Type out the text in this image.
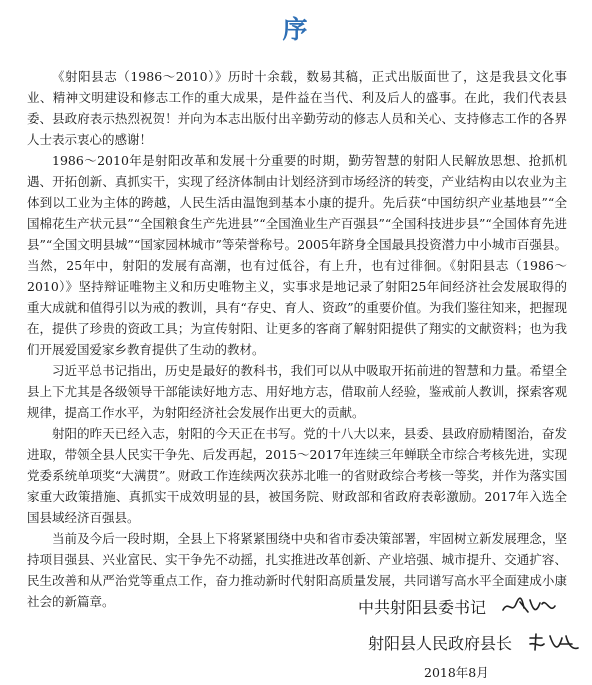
序

《射阳县志（1986～2010）》历时十余载，数易其稿，正式出版面世了，这是我县文化事业、精神文明建设和修志工作的重大成果，是件益在当代、利及后人的盛事。在此，我们代表县委、县政府表示热烈祝贺！并向为本志出版付出辛勤劳动的修志人员和关心、支持修志工作的各界人士表示衷心的感谢！

1986～2010年是射阳改革和发展十分重要的时期，勤劳智慧的射阳人民解放思想、抢抓机遇、开拓创新、真抓实干，实现了经济体制由计划经济到市场经济的转变，产业结构由以农业为主体到以工业为主体的跨越，人民生活由温饱到基本小康的提升。先后获“中国纺织产业基地县”“全国棉花生产状元县”“全国粮食生产先进县”“全国渔业生产百强县”“全国科技进步县”“全国体育先进县”“全国文明县城”“国家园林城市”等荣誉称号。2005年跻身全国最具投资潜力中小城市百强县。当然，25年中，射阳的发展有高潮，也有过低谷，有上升，也有过徘徊。《射阳县志（1986～2010）》坚持辩证唯物主义和历史唯物主义，实事求是地记录了射阳25年间经济社会发展取得的重大成就和值得引以为戒的教训，具有“存史、育人、资政”的重要价值。为我们鉴往知来，把握现在，提供了珍贵的资政工具；为宣传射阳、让更多的客商了解射阳提供了翔实的文献资料；也为我们开展爱国爱家乡教育提供了生动的教材。

习近平总书记指出，历史是最好的教科书，我们可以从中吸取开拓前进的智慧和力量。希望全县上下尤其是各级领导干部能读好地方志、用好地方志，借取前人经验，鉴戒前人教训，探索客观规律，提高工作水平，为射阳经济社会发展作出更大的贡献。

射阳的昨天已经入志，射阳的今天正在书写。党的十八大以来，县委、县政府励精图治，奋发进取，带领全县人民实干争先、后发再起，2015～2017年连续三年蝉联全市综合考核先进，实现党委系统单项奖“大满贯”。财政工作连续两次获苏北唯一的省财政综合考核一等奖，并作为落实国家重大政策措施、真抓实干成效明显的县，被国务院、财政部和省政府表彰激励。2017年入选全国县域经济百强县。

当前及今后一段时期，全县上下将紧紧围绕中央和省市委决策部署，牢固树立新发展理念，坚持项目强县、兴业富民、实干争先不动摇，扎实推进改革创新、产业培强、城市提升、交通扩容、民生改善和从严治党等重点工作，奋力推动新时代射阳高质量发展，共同谱写高水平全面建成小康社会的新篇章。	中共射阳县委书记
射阳县人民政府县长
2018年8月
